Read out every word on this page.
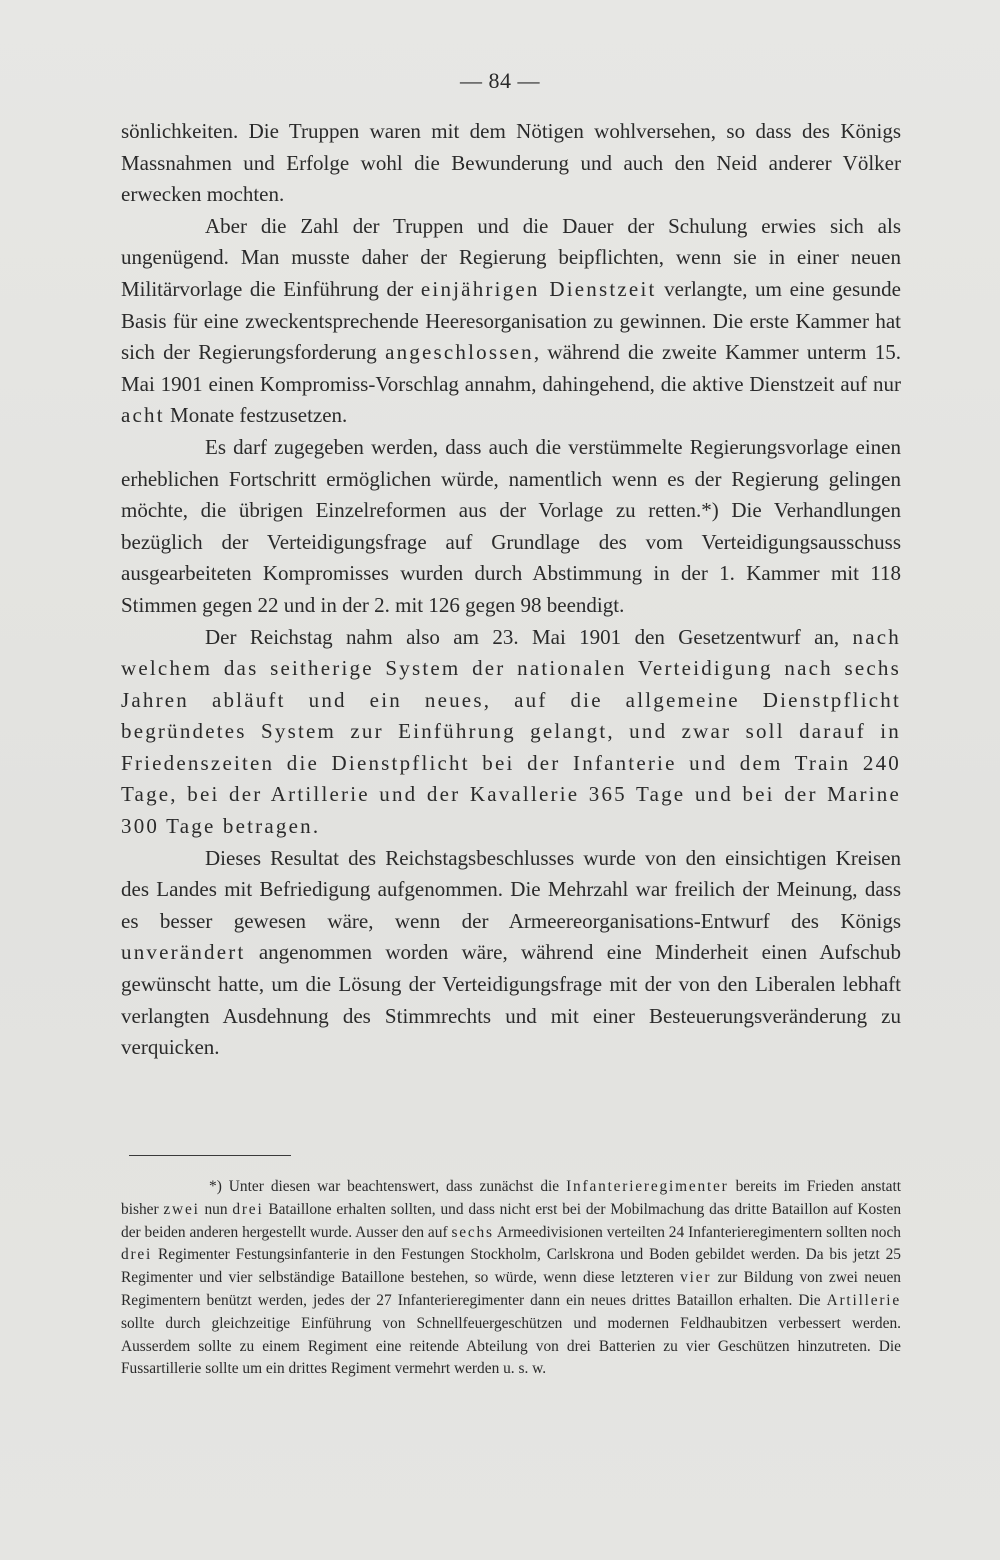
— 84 —

sönlichkeiten. Die Truppen waren mit dem Nötigen wohlversehen, so dass des Königs Massnahmen und Erfolge wohl die Bewunderung und auch den Neid anderer Völker erwecken mochten.

Aber die Zahl der Truppen und die Dauer der Schulung erwies sich als ungenügend. Man musste daher der Regierung beipflichten, wenn sie in einer neuen Militärvorlage die Einführung der einjährigen Dienstzeit verlangte, um eine gesunde Basis für eine zweckentsprechende Heeresorganisation zu gewinnen. Die erste Kammer hat sich der Regierungsforderung angeschlossen, während die zweite Kammer unterm 15. Mai 1901 einen Kompromiss-Vorschlag annahm, dahingehend, die aktive Dienstzeit auf nur acht Monate festzusetzen.

Es darf zugegeben werden, dass auch die verstümmelte Regierungsvorlage einen erheblichen Fortschritt ermöglichen würde, namentlich wenn es der Regierung gelingen möchte, die übrigen Einzelreformen aus der Vorlage zu retten.*) Die Verhandlungen bezüglich der Verteidigungsfrage auf Grundlage des vom Verteidigungsausschuss ausgearbeiteten Kompromisses wurden durch Abstimmung in der 1. Kammer mit 118 Stimmen gegen 22 und in der 2. mit 126 gegen 98 beendigt.

Der Reichstag nahm also am 23. Mai 1901 den Gesetzentwurf an, nach welchem das seitherige System der nationalen Verteidigung nach sechs Jahren abläuft und ein neues, auf die allgemeine Dienstpflicht begründetes System zur Einführung gelangt, und zwar soll darauf in Friedenszeiten die Dienstpflicht bei der Infanterie und dem Train 240 Tage, bei der Artillerie und der Kavallerie 365 Tage und bei der Marine 300 Tage betragen.

Dieses Resultat des Reichstagsbeschlusses wurde von den einsichtigen Kreisen des Landes mit Befriedigung aufgenommen. Die Mehrzahl war freilich der Meinung, dass es besser gewesen wäre, wenn der Armeereorganisations-Entwurf des Königs unverändert angenommen worden wäre, während eine Minderheit einen Aufschub gewünscht hatte, um die Lösung der Verteidigungsfrage mit der von den Liberalen lebhaft verlangten Ausdehnung des Stimmrechts und mit einer Besteuerungsveränderung zu verquicken.

*) Unter diesen war beachtenswert, dass zunächst die Infanterieregimenter bereits im Frieden anstatt bisher zwei nun drei Bataillone erhalten sollten, und dass nicht erst bei der Mobilmachung das dritte Bataillon auf Kosten der beiden anderen hergestellt wurde. Ausser den auf sechs Armeedivisionen verteilten 24 Infanterieregimentern sollten noch drei Regimenter Festungsinfanterie in den Festungen Stockholm, Carlskrona und Boden gebildet werden. Da bis jetzt 25 Regimenter und vier selbständige Bataillone bestehen, so würde, wenn diese letzteren vier zur Bildung von zwei neuen Regimentern benützt werden, jedes der 27 Infanterieregimenter dann ein neues drittes Bataillon erhalten. Die Artillerie sollte durch gleichzeitige Einführung von Schnellfeuergeschützen und modernen Feldhaubitzen verbessert werden. Ausserdem sollte zu einem Regiment eine reitende Abteilung von drei Batterien zu vier Geschützen hinzutreten. Die Fussartillerie sollte um ein drittes Regiment vermehrt werden u. s. w.
